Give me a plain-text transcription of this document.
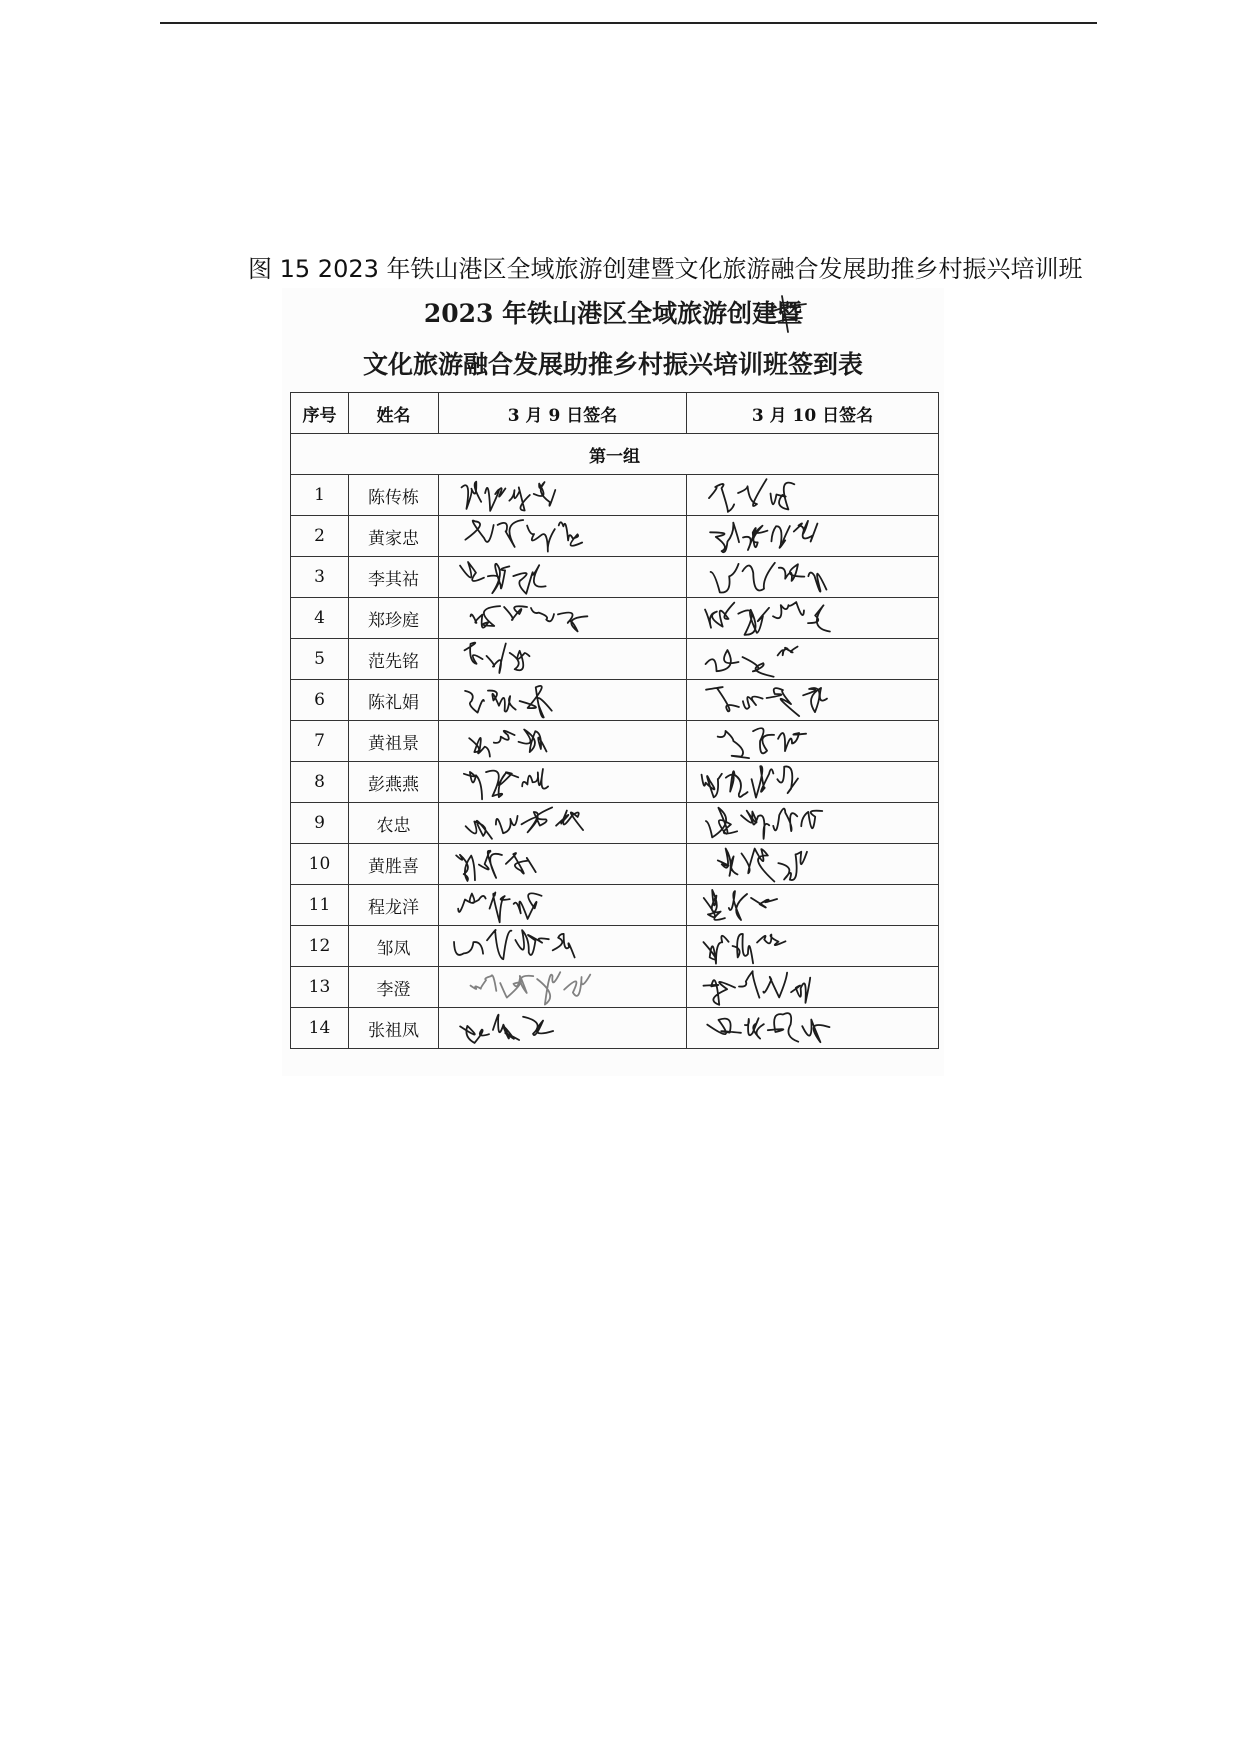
图 15 2023 年铁山港区全域旅游创建暨文化旅游融合发展助推乡村振兴培训班
2023 年铁山港区全域旅游创建暨
文化旅游融合发展助推乡村振兴培训班签到表
序号	姓名	3 月 9 日签名	3 月 10 日签名
第一组			
1	陈传栋	

2	黄家忠	

3	李其祜	

4	郑珍庭	

5	范先铭	

6	陈礼娟	

7	黄祖景	

8	彭燕燕	

9	农忠	

10	黄胜喜	

11	程龙洋	

12	邹凤	

13	李澄	

14	张祖凤	
